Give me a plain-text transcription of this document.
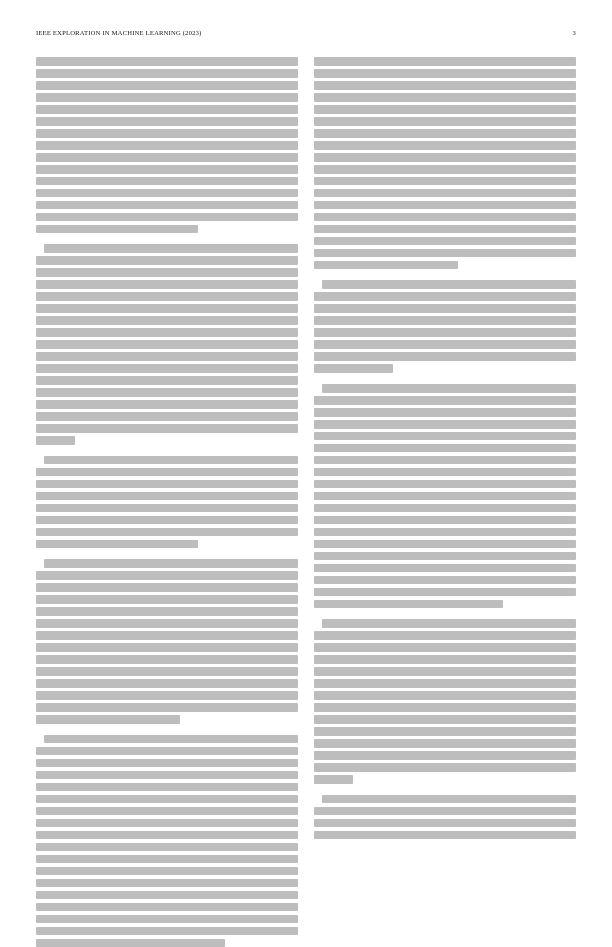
IEEE EXPLORATION IN MACHINE LEARNING (2023)	3
